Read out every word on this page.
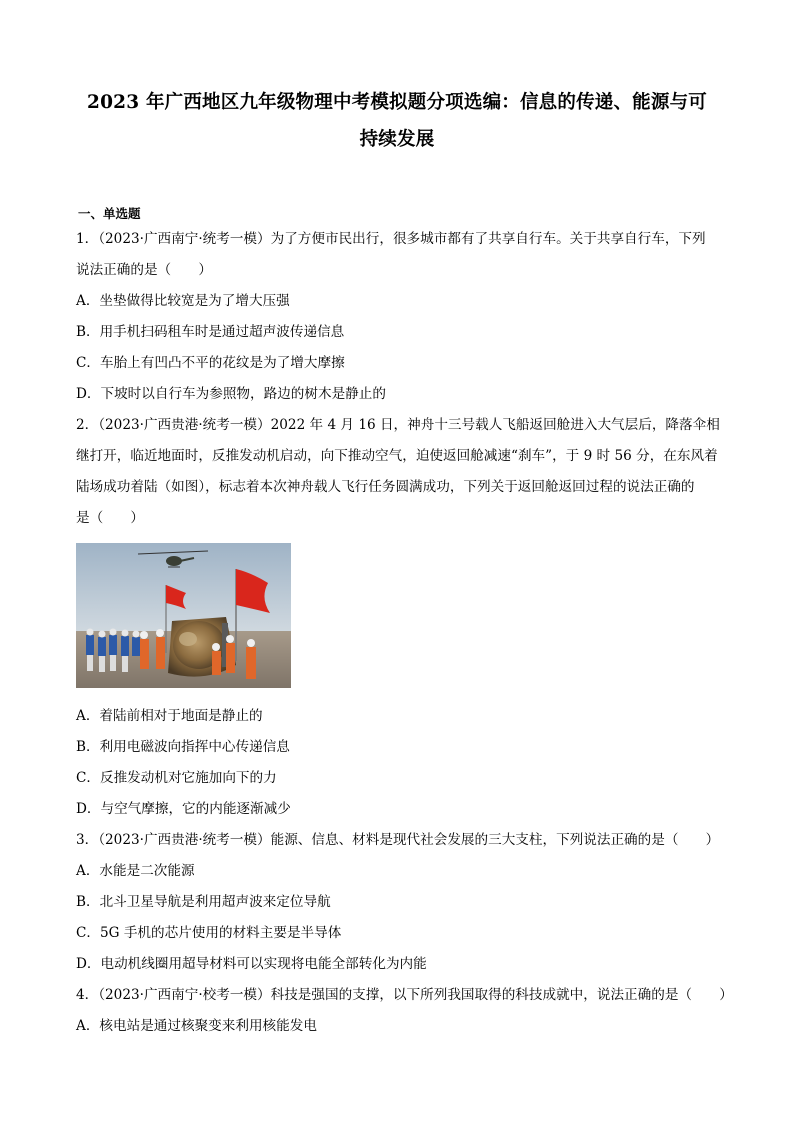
2023 年广西地区九年级物理中考模拟题分项选编：信息的传递、能源与可
持续发展
一、单选题
1．（2023·广西南宁·统考一模）为了方便市民出行，很多城市都有了共享自行车。关于共享自行车，下列
说法正确的是（　　）
A．坐垫做得比较宽是为了增大压强
B．用手机扫码租车时是通过超声波传递信息
C．车胎上有凹凸不平的花纹是为了增大摩擦
D．下坡时以自行车为参照物，路边的树木是静止的
2．（2023·广西贵港·统考一模）2022 年 4 月 16 日，神舟十三号载人飞船返回舱进入大气层后，降落伞相
继打开，临近地面时，反推发动机启动，向下推动空气，迫使返回舱减速“刹车”，于 9 时 56 分，在东风着
陆场成功着陆（如图），标志着本次神舟载人飞行任务圆满成功，下列关于返回舱返回过程的说法正确的
是（　　）
A．着陆前相对于地面是静止的
B．利用电磁波向指挥中心传递信息
C．反推发动机对它施加向下的力
D．与空气摩擦，它的内能逐渐减少
3．（2023·广西贵港·统考一模）能源、信息、材料是现代社会发展的三大支柱，下列说法正确的是（　　）
A．水能是二次能源
B．北斗卫星导航是利用超声波来定位导航
C．5G 手机的芯片使用的材料主要是半导体
D．电动机线圈用超导材料可以实现将电能全部转化为内能
4．（2023·广西南宁·校考一模）科技是强国的支撑，以下所列我国取得的科技成就中，说法正确的是（　　）
A．核电站是通过核聚变来利用核能发电
